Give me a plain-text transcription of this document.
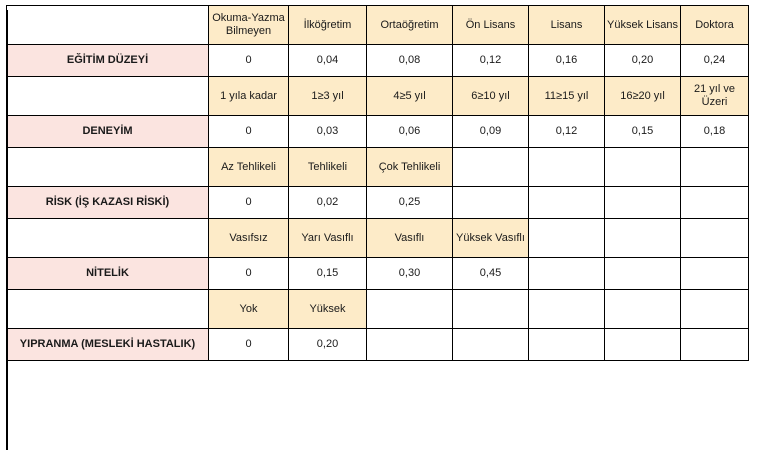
	Okuma-Yazma Bilmeyen	İlköğretim	Ortaöğretim	Ön Lisans	Lisans	Yüksek Lisans	Doktora
EĞİTİM DÜZEYİ	0	0,04	0,08	0,12	0,16	0,20	0,24
	1 yıla kadar	1≥3 yıl	4≥5 yıl	6≥10 yıl	11≥15 yıl	16≥20 yıl	21 yıl ve Üzeri
DENEYİM	0	0,03	0,06	0,09	0,12	0,15	0,18
	Az Tehlikeli	Tehlikeli	Çok Tehlikeli				
RİSK (İŞ KAZASI RİSKİ)	0	0,02	0,25				
	Vasıfsız	Yarı Vasıflı	Vasıflı	Yüksek Vasıflı			
NİTELİK	0	0,15	0,30	0,45			
	Yok	Yüksek					
YIPRANMA (MESLEKİ HASTALIK)	0	0,20					
